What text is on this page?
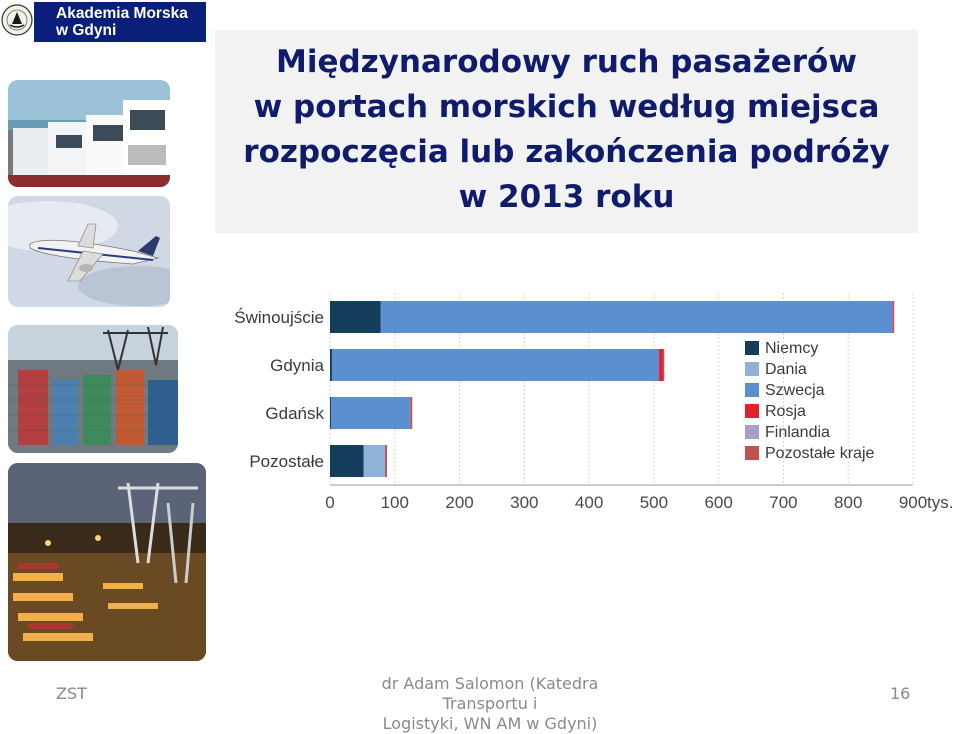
Akademia Morska
w Gdyni
Międzynarodowy ruch pasażerów
w portach morskich według miejsca
rozpoczęcia lub zakończenia podróży
w 2013 roku
0	100 200 300 400 500 600 700 800 900 tys.
Świnoujście
Gdynia
Gdańsk
Pozostałe
Niemcy
Dania
Szwecja
Rosja
Finlandia
Pozostałe kraje
ZST
dr Adam Salomon (Katedra Transportu i
Logistyki, WN AM w Gdyni)
16
